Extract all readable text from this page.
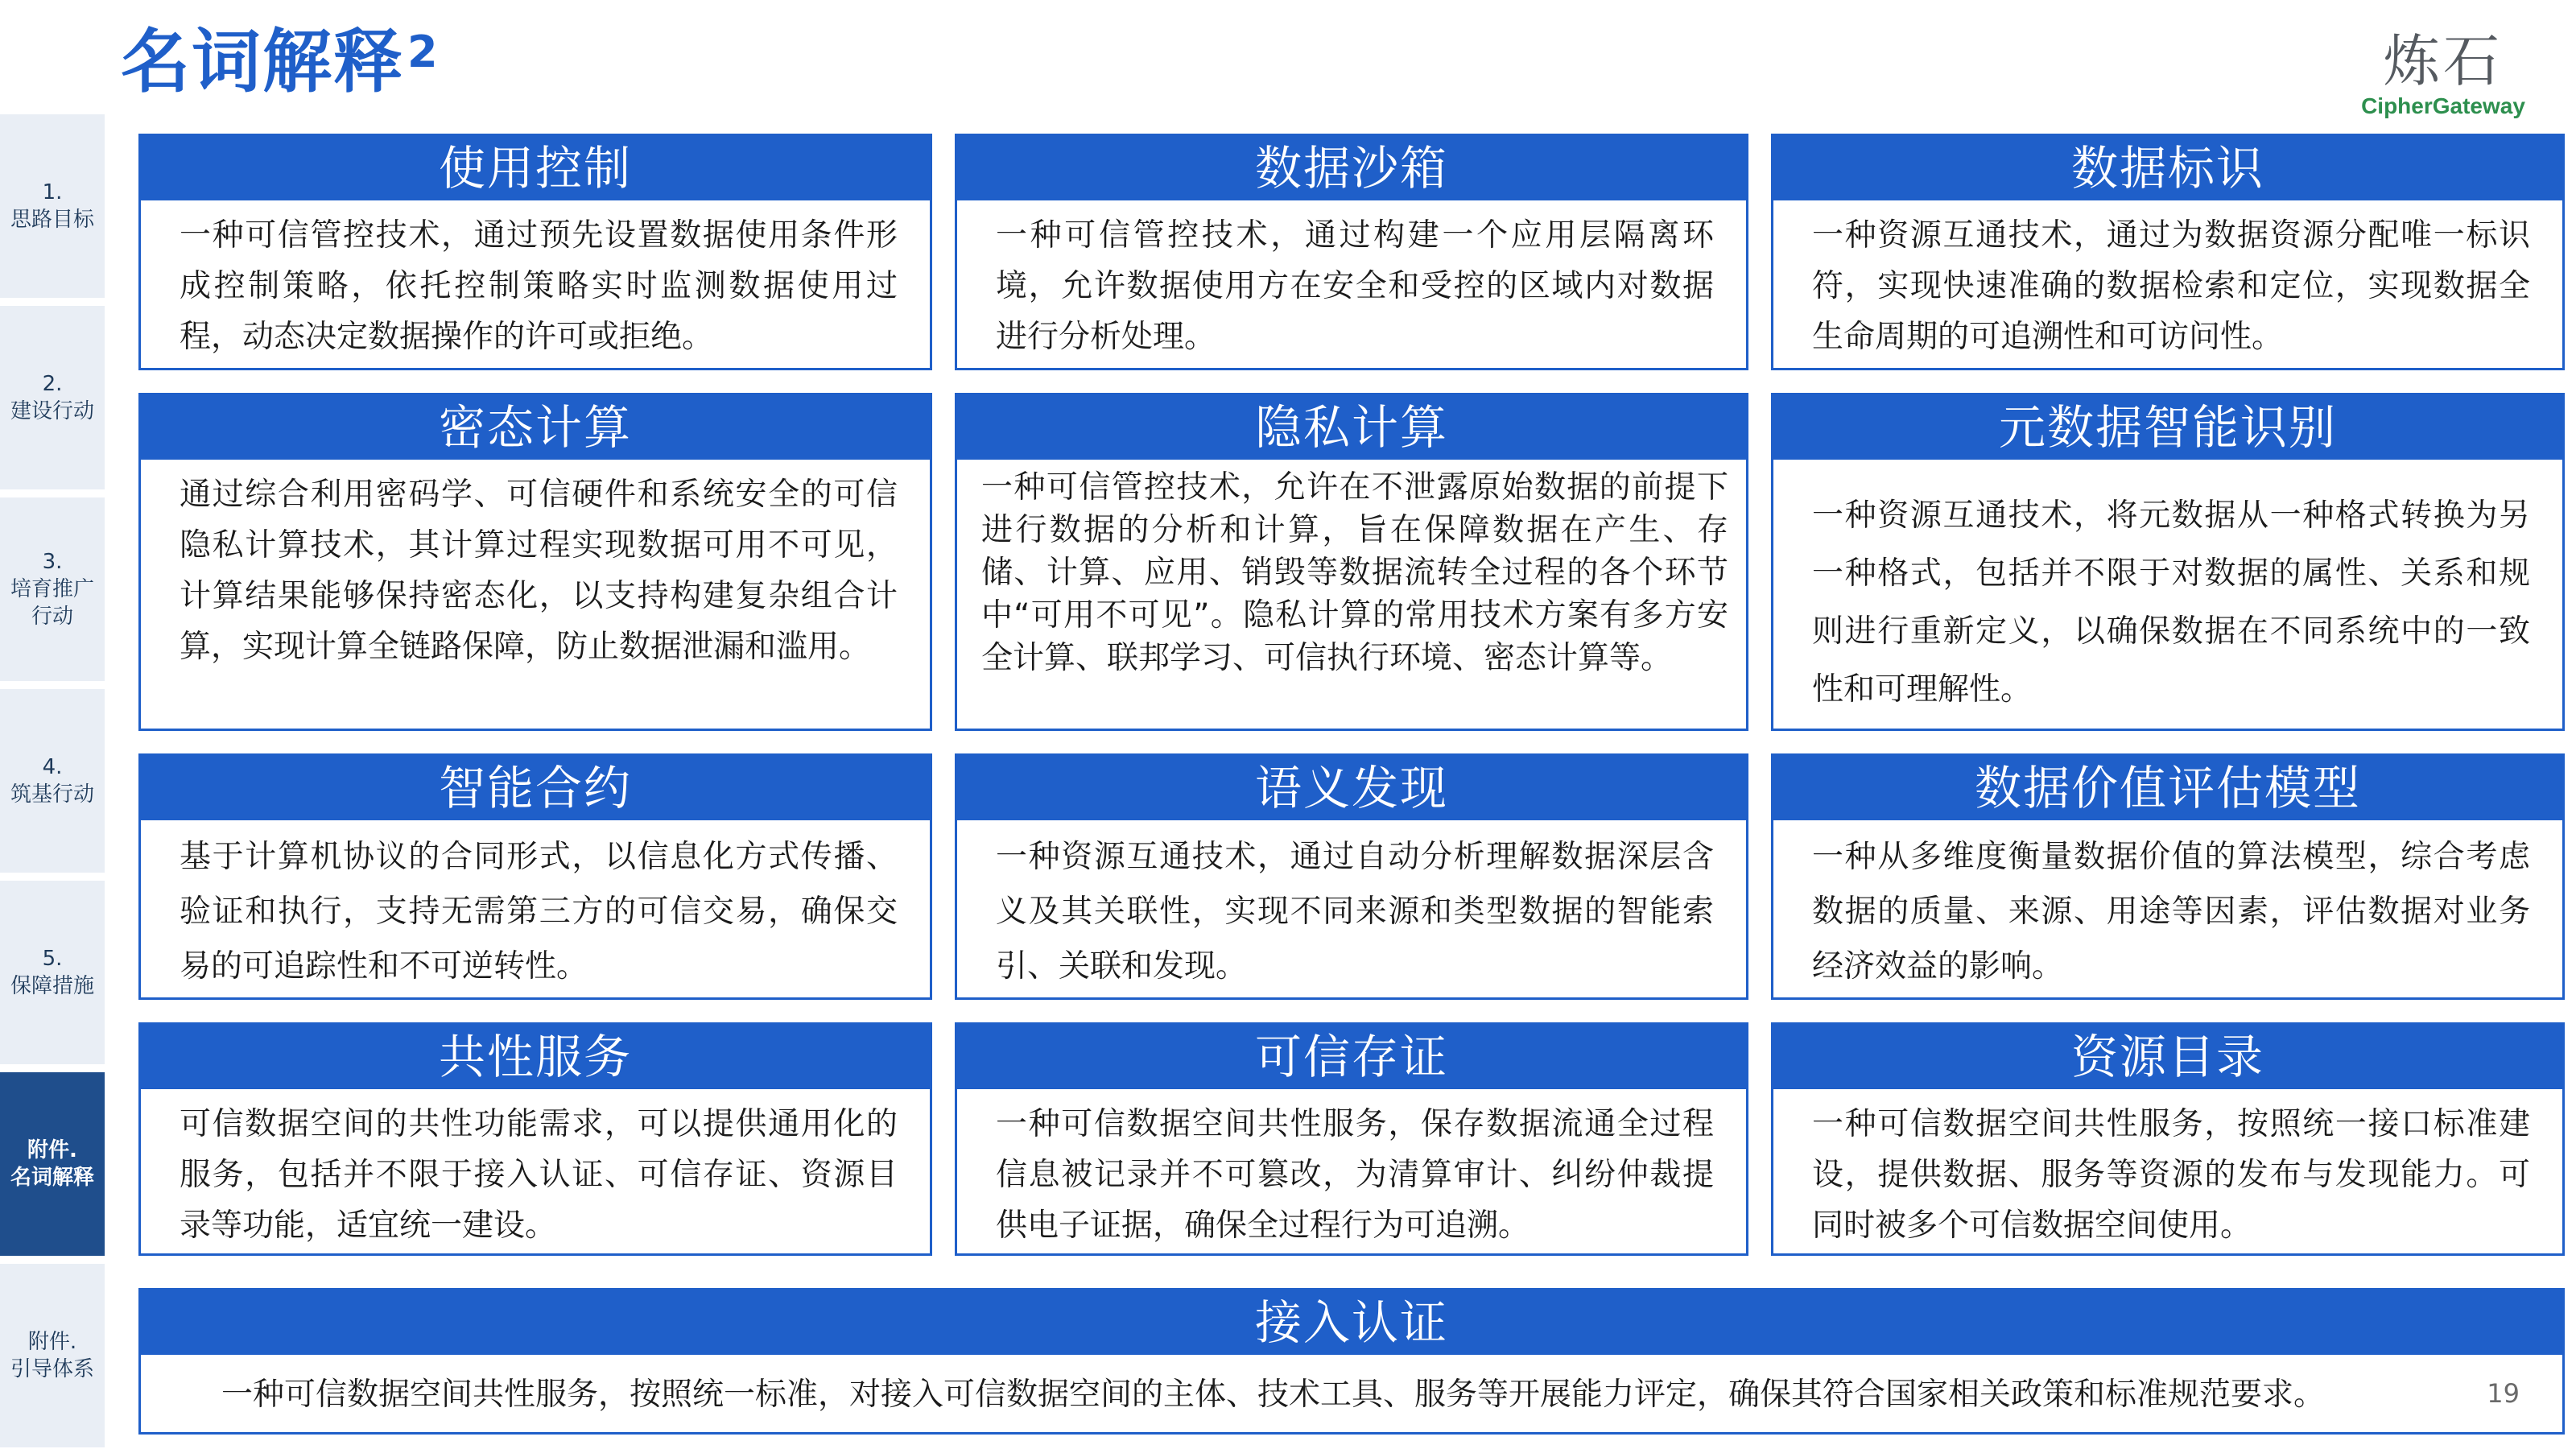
名词解释 2	炼石
CipherGateway
1.
思路目标
2.
建设行动
3.
培育推广
行动
4.
筑基行动
5.
保障措施
附件.
名词解释
附件.
引导体系
使用控制
一种可信管控技术，通过预先设置数据使用条件形成控制策略，依托控制策略实时监测数据使用过程，动态决定数据操作的许可或拒绝。
数据沙箱
一种可信管控技术，通过构建一个应用层隔离环境，允许数据使用方在安全和受控的区域内对数据进行分析处理。
数据标识
一种资源互通技术，通过为数据资源分配唯一标识符，实现快速准确的数据检索和定位，实现数据全生命周期的可追溯性和可访问性。
密态计算
通过综合利用密码学、可信硬件和系统安全的可信隐私计算技术，其计算过程实现数据可用不可见，计算结果能够保持密态化，以支持构建复杂组合计算，实现计算全链路保障，防止数据泄漏和滥用。
隐私计算
一种可信管控技术，允许在不泄露原始数据的前提下进行数据的分析和计算，旨在保障数据在产生、存储、计算、应用、销毁等数据流转全过程的各个环节中“可用不可见”。隐私计算的常用技术方案有多方安全计算、联邦学习、可信执行环境、密态计算等。
元数据智能识别
一种资源互通技术，将元数据从一种格式转换为另一种格式，包括并不限于对数据的属性、关系和规则进行重新定义，以确保数据在不同系统中的一致性和可理解性。
智能合约
基于计算机协议的合同形式，以信息化方式传播、验证和执行，支持无需第三方的可信交易，确保交易的可追踪性和不可逆转性。
语义发现
一种资源互通技术，通过自动分析理解数据深层含义及其关联性，实现不同来源和类型数据的智能索引、关联和发现。
数据价值评估模型
一种从多维度衡量数据价值的算法模型，综合考虑数据的质量、来源、用途等因素，评估数据对业务经济效益的影响。
共性服务
可信数据空间的共性功能需求，可以提供通用化的服务，包括并不限于接入认证、可信存证、资源目录等功能，适宜统一建设。
可信存证
一种可信数据空间共性服务，保存数据流通全过程信息被记录并不可篡改，为清算审计、纠纷仲裁提供电子证据，确保全过程行为可追溯。
资源目录
一种可信数据空间共性服务，按照统一接口标准建设，提供数据、服务等资源的发布与发现能力。可同时被多个可信数据空间使用。
接入认证
一种可信数据空间共性服务，按照统一标准，对接入可信数据空间的主体、技术工具、服务等开展能力评定，确保其符合国家相关政策和标准规范要求。	19
